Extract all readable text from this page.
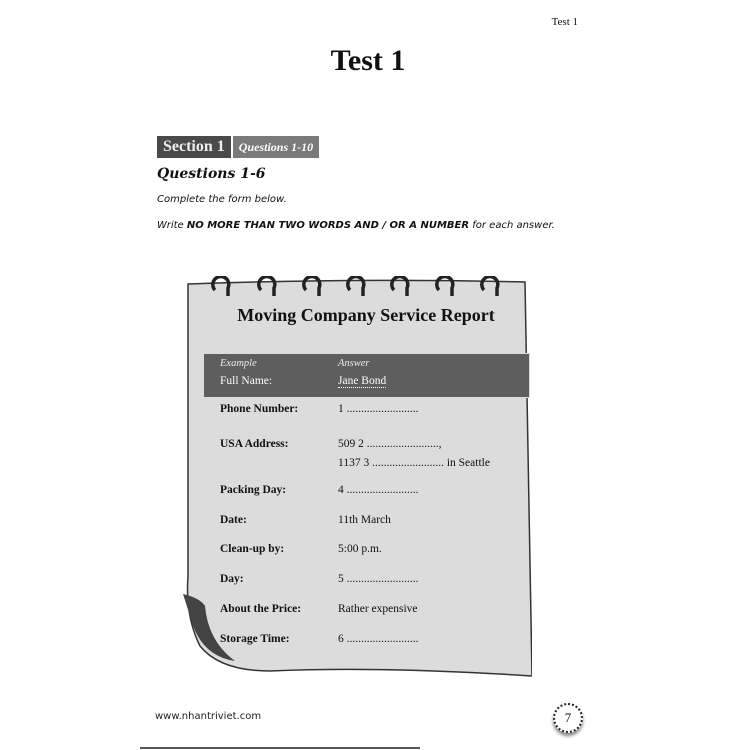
Test 1
Test 1
Section 1	Questions 1-10
Questions 1-6
Complete the form below.
Write NO MORE THAN TWO WORDS AND / OR A NUMBER for each answer.
Moving Company Service Report
Example	Answer
Full Name:	Jane Bond
Phone Number:	1 .........................
USA Address:	509 2 .........................,
1137 3 ......................... in Seattle
Packing Day:	4 .........................
Date:	11th March
Clean-up by:	5:00 p.m.
Day:	5 .........................
About the Price:	Rather expensive
Storage Time:	6 .........................
www.nhantriviet.com	7
